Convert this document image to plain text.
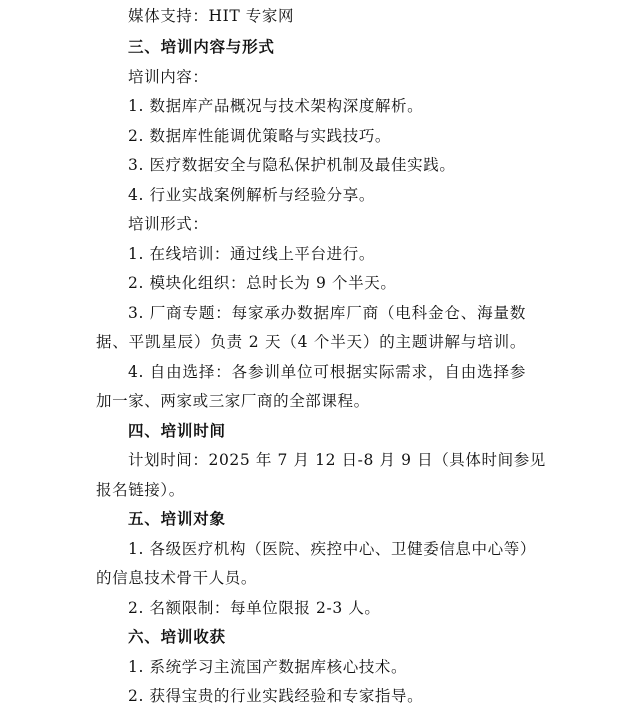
媒体支持：HIT 专家网
三、培训内容与形式
培训内容：
1. 数据库产品概况与技术架构深度解析。
2. 数据库性能调优策略与实践技巧。
3. 医疗数据安全与隐私保护机制及最佳实践。
4. 行业实战案例解析与经验分享。
培训形式：
1. 在线培训：通过线上平台进行。
2. 模块化组织：总时长为 9 个半天。
3. 厂商专题：每家承办数据库厂商（电科金仓、海量数
据、平凯星辰）负责 2 天（4 个半天）的主题讲解与培训。
4. 自由选择：各参训单位可根据实际需求，自由选择参
加一家、两家或三家厂商的全部课程。
四、培训时间
计划时间：2025 年 7 月 12 日-8 月 9 日（具体时间参见
报名链接）。
五、培训对象
1. 各级医疗机构（医院、疾控中心、卫健委信息中心等）
的信息技术骨干人员。
2. 名额限制：每单位限报 2-3 人。
六、培训收获
1. 系统学习主流国产数据库核心技术。
2. 获得宝贵的行业实践经验和专家指导。
